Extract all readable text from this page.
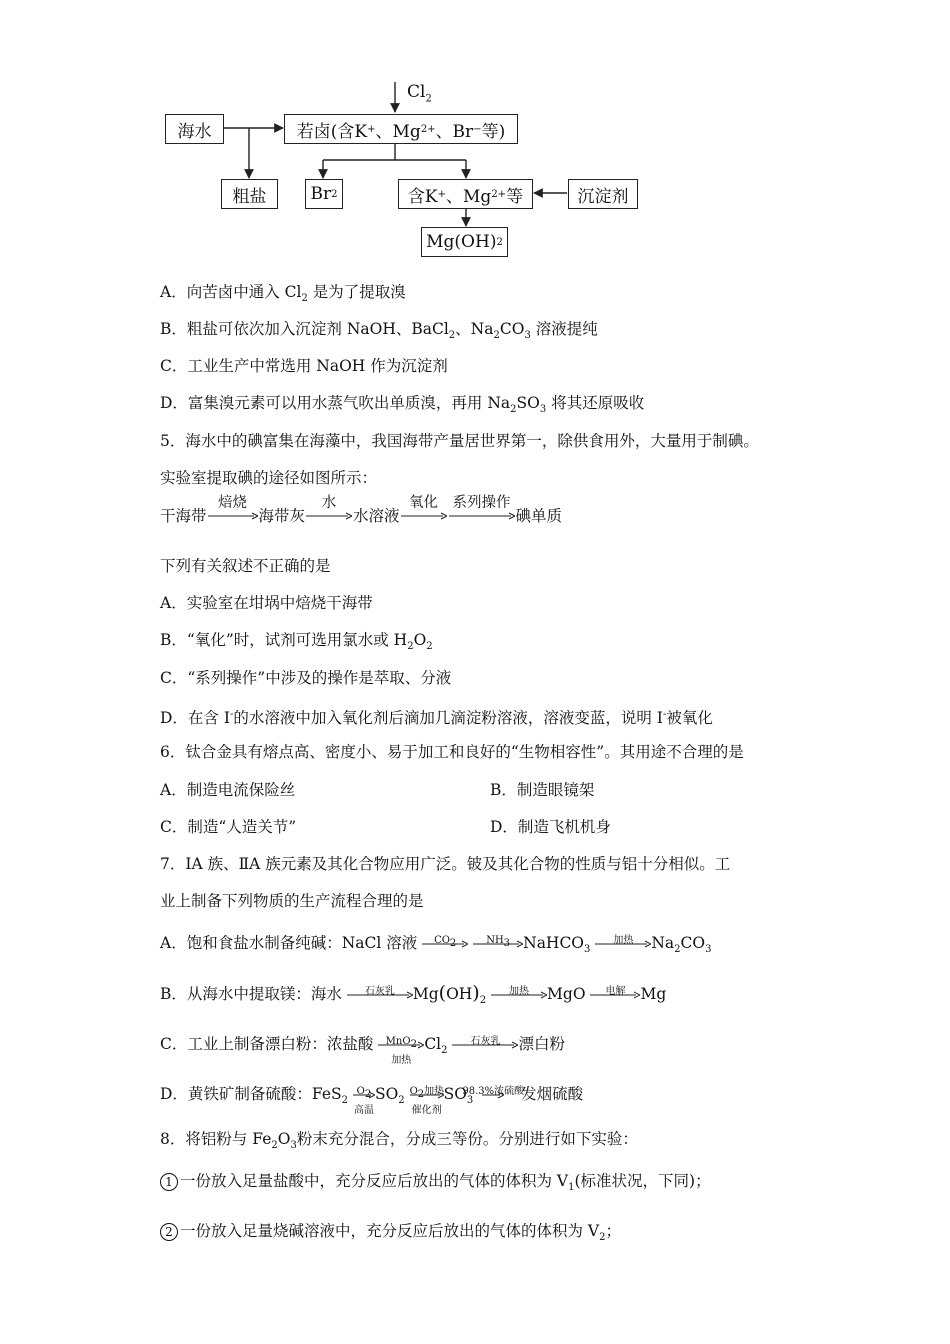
$Cl_2$
海水	若卤(含K + 、Mg 2+ 、Br − 等)
粗盐	Br 2	含K + 、Mg 2+ 等	沉淀剂
Mg(OH) 2
A．向苦卤中通入 $Cl_2$ 是为了提取溴
B．粗盐可依次加入沉淀剂 NaOH、BaCl$_2$、$Na_2CO_3$ 溶液提纯
C．工业生产中常选用 NaOH 作为沉淀剂
D．富集溴元素可以用水蒸气吹出单质溴，再用 $Na_2SO_3$ 将其还原吸收
5．海水中的碘富集在海藻中，我国海带产量居世界第一，除供食用外，大量用于制碘。
实验室提取碘的途径如图所示：
干海带
焙烧
海带灰
水
水溶液
氧化	系列操作
碘单质
下列有关叙述不正确的是
A．实验室在坩埚中焙烧干海带
B．“氧化”时，试剂可选用氯水或 $H_2O_2$
C．“系列操作”中涉及的操作是萃取、分液
D．在含 I-的水溶液中加入氧化剂后滴加几滴淀粉溶液，溶液变蓝，说明 I-被氧化
6．钛合金具有熔点高、密度小、易于加工和良好的“生物相容性”。其用途不合理的是
A．制造电流保险丝	B．制造眼镜架
C．制造“人造关节”	D．制造飞机机身
7．ⅠA 族、ⅡA 族元素及其化合物应用广泛。铍及其化合物的性质与铝十分相似。工
业上制备下列物质的生产流程合理的是
A．饱和食盐水制备纯碱：NaCl 溶液	$CO_2$
	$NH_3$ NaHCO$_3$
加热	$Na_2CO_3$
B．从海水中提取镁：海水	石灰乳	$Mg(OH)_2$
加热	MgO	电解 Mg
C．工业上制备漂白粉：浓盐酸	MnO$_2$
加热
$Cl_2$
石灰乳	漂白粉
D．黄铁矿制备硫酸：FeS$_2$
$O_2$
高温
$SO_2$
$O_2$加热
催化剂
$SO_3$
98.3%浓硫酸
发烟硫酸
8．将铝粉与 $Fe_2O_3$粉末充分混合，分成三等份。分别进行如下实验：
1 一份放入足量盐酸中，充分反应后放出的气体的体积为 $V_1$(标准状况，下同)；
2 一份放入足量烧碱溶液中，充分反应后放出的气体的体积为 $V_2$；
